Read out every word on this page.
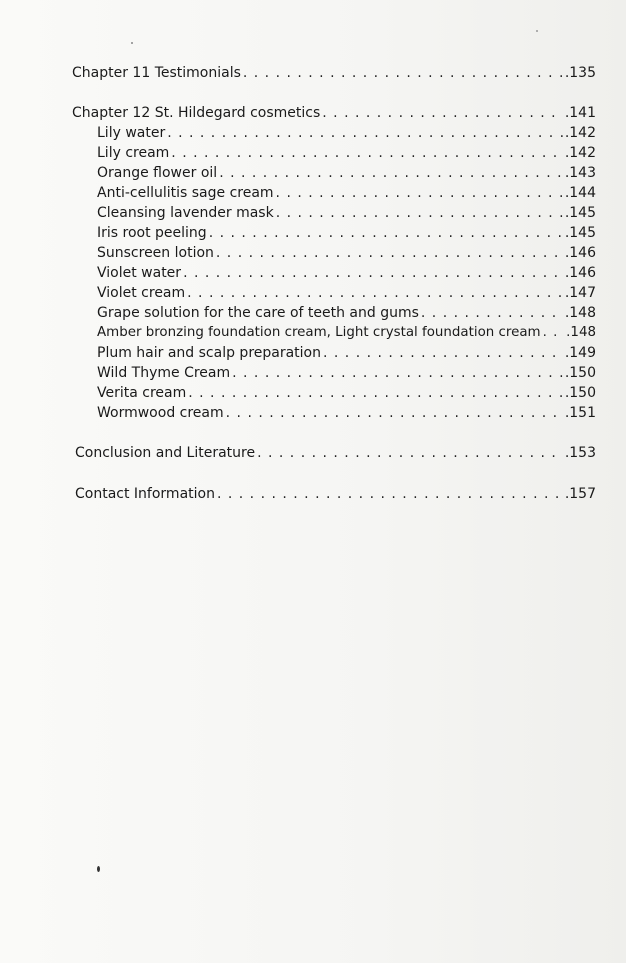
Chapter 11 Testimonials . . .	.135
Chapter 12 St. Hildegard cosmetics . . .	.141
Lily water . . .	.142
Lily cream . . .	.142
Orange flower oil . . .	.143
Anti-cellulitis sage cream . . .	.144
Cleansing lavender mask . . .	.145
Iris root peeling . . .	.145
Sunscreen lotion . . .	.146
Violet water . . .	.146
Violet cream . . .	.147
Grape solution for the care of teeth and gums . . .	.148
Amber bronzing foundation cream, Light crystal foundation cream . . . .148
Plum hair and scalp preparation . . .	.149
Wild Thyme Cream . . .	.150
Verita cream . . .	.150
Wormwood cream . . .	.151
Conclusion and Literature . . .	.153
Contact Information . . .	.157
